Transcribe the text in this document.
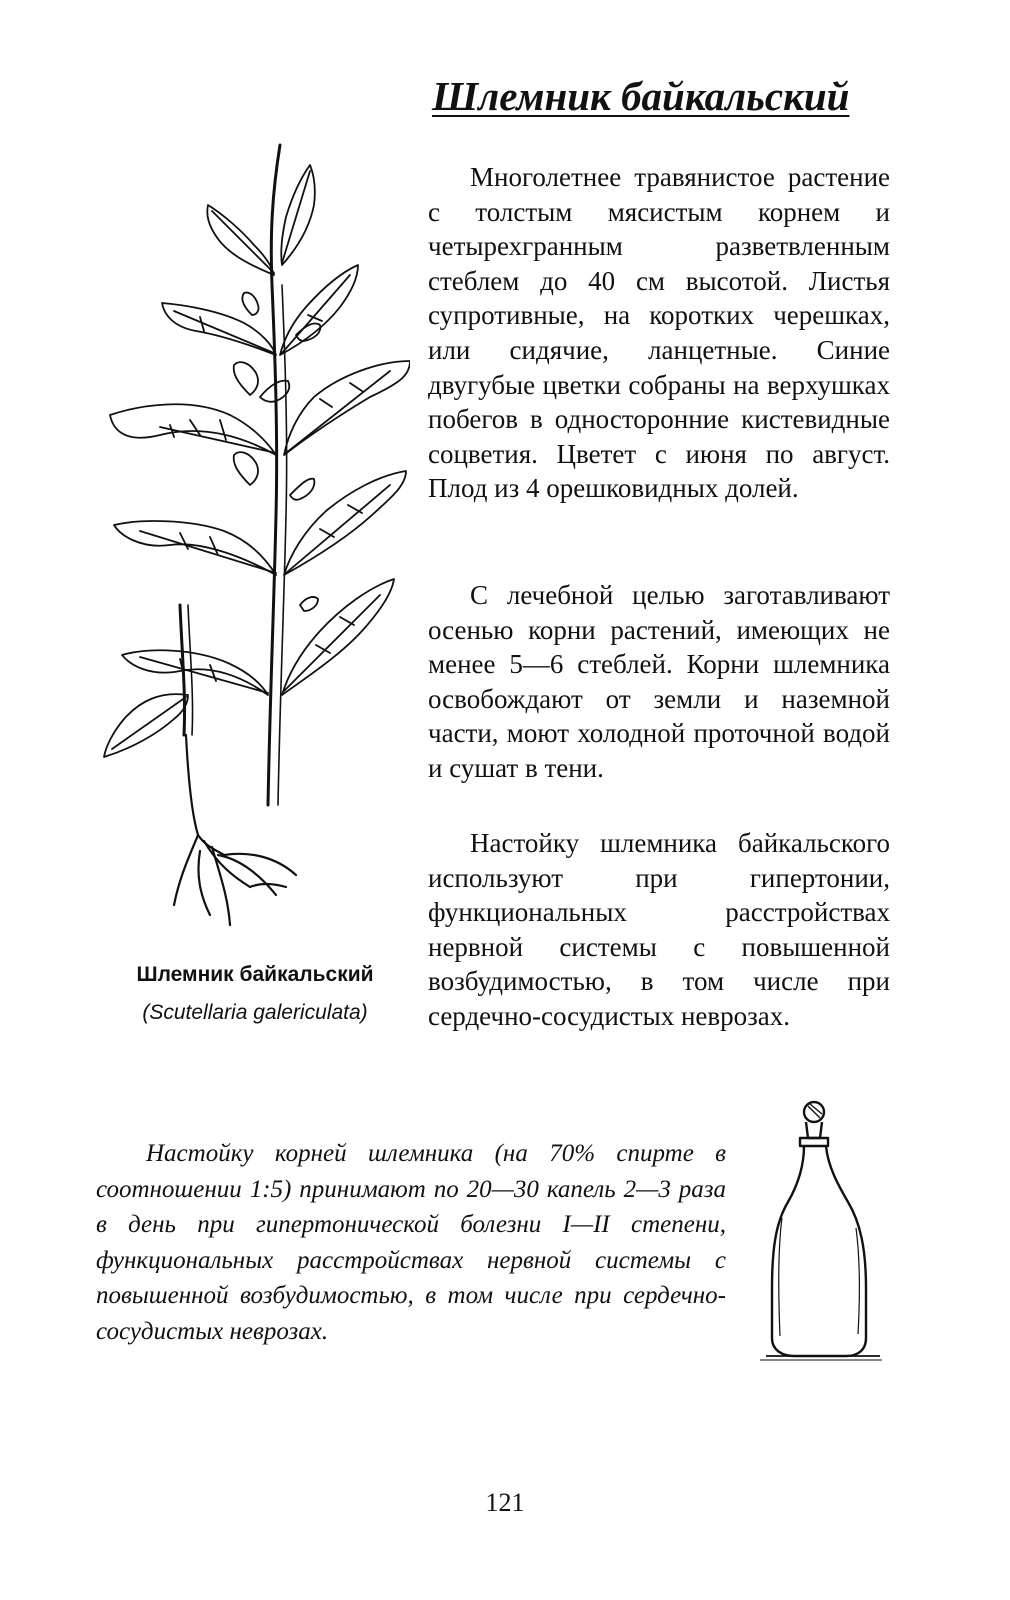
Шлемник байкальский

Многолетнее травянистое растение с толстым мясистым корнем и четырехгранным разветвленным стеблем до 40 см высотой. Листья супротивные, на коротких черешках, или сидячие, ланцетные. Синие двугубые цветки собраны на верхушках побегов в односторонние кистевидные соцветия. Цветет с июня по август. Плод из 4 орешковидных долей.

С лечебной целью заготавливают осенью корни растений, имеющих не менее 5—6 стеблей. Корни шлемника освобождают от земли и наземной части, моют холодной проточной водой и сушат в тени.

Настойку шлемника байкальского используют при гипертонии, функциональных расстройствах нервной системы с повышенной возбудимостью, в том числе при сердечно-сосудистых неврозах.

Шлемник байкальский

(Scutellaria galericulata)

Настойку корней шлемника (на 70% спирте в соотношении 1:5) принимают по 20—30 капель 2—3 раза в день при гипертонической болезни I—II степени, функциональных расстройствах нервной системы с повышенной возбудимостью, в том числе при сердечно-сосудистых неврозах.

121
